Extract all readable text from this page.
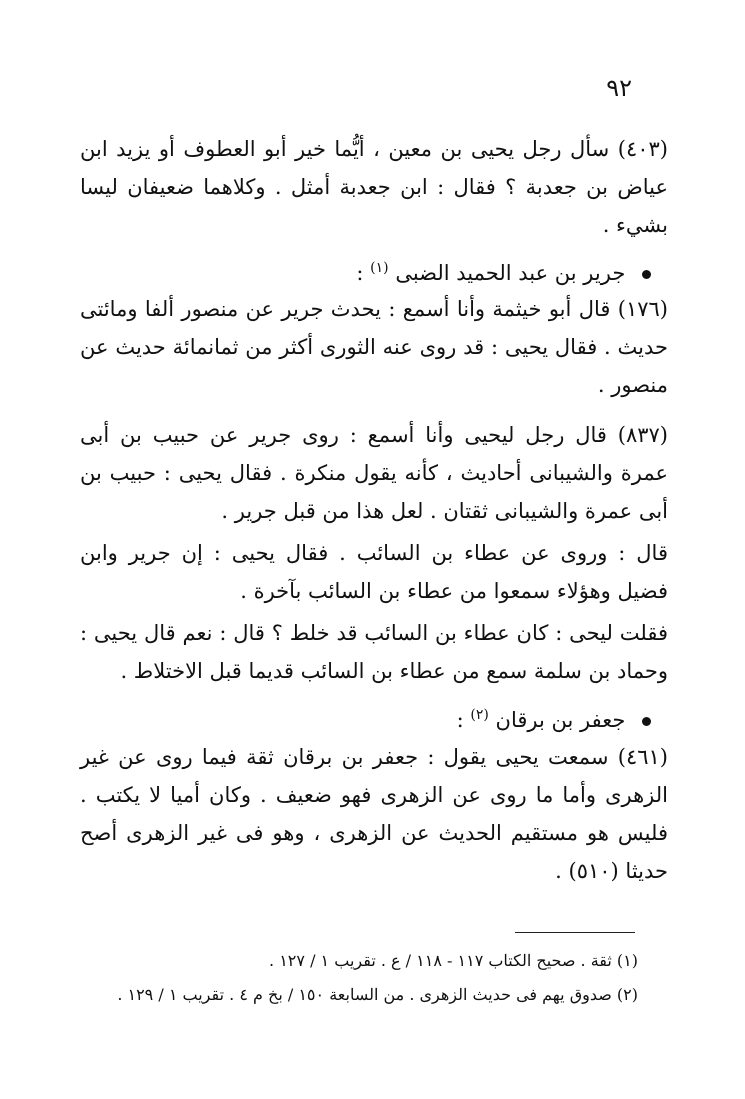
٩٢

(٤٠٣) سأل رجل يحيى بن معين ، أيُّما خير أبو العطوف أو يزيد ابن عياض بن جعدبة ؟ فقال : ابن جعدبة أمثل . وكلاهما ضعيفان ليسا بشيء .

جرير بن عبد الحميد الضبى $^{(١)}$ :

(١٧٦) قال أبو خيثمة وأنا أسمع : يحدث جرير عن منصور ألفا ومائتى حديث . فقال يحيى : قد روى عنه الثورى أكثر من ثمانمائة حديث عن منصور .

(٨٣٧) قال رجل ليحيى وأنا أسمع : روى جرير عن حبيب بن أبى عمرة والشيبانى أحاديث ، كأنه يقول منكرة . فقال يحيى : حبيب بن أبى عمرة والشيبانى ثقتان . لعل هذا من قبل جرير .

قال : وروى عن عطاء بن السائب . فقال يحيى : إن جرير وابن فضيل وهؤلاء سمعوا من عطاء بن السائب بآخرة .

فقلت ليحى : كان عطاء بن السائب قد خلط ؟ قال : نعم قال يحيى : وحماد بن سلمة سمع من عطاء بن السائب قديما قبل الاختلاط .

جعفر بن برقان $^{(٢)}$ :

(٤٦١) سمعت يحيى يقول : جعفر بن برقان ثقة فيما روى عن غير الزهرى وأما ما روى عن الزهرى فهو ضعيف . وكان أميا لا يكتب . فليس هو مستقيم الحديث عن الزهرى ، وهو فى غير الزهرى أصح حديثا (٥١٠) .

(١) ثقة . صحيح الكتاب ١١٧ - ١١٨ / ع . تقريب ١ / ١٢٧ .

(٢) صدوق يهم فى حديث الزهرى . من السابعة ١٥٠ / بخ م ٤ . تقريب ١ / ١٢٩ .
